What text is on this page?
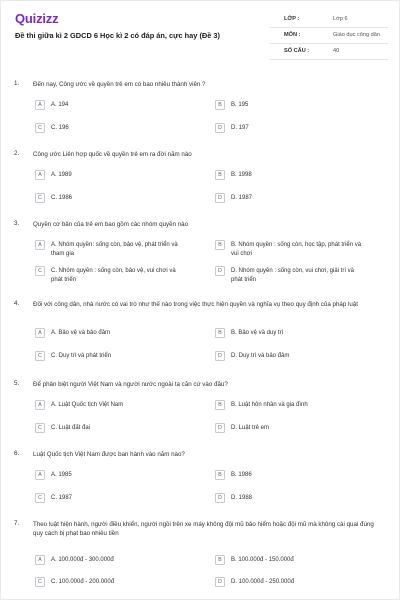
Quizizz
Đề thi giữa kì 2 GDCD 6 Học kì 2 có đáp án, cực hay (Đề 3)
LỚP :	Lớp 6
MÔN :	Giáo dục công dân
SỐ CÂU :	40
1. Đến nay, Công ước về quyền trẻ em có bao nhiêu thành viên ?
A	A. 194	B	B. 195
C	C. 196	D	D. 197
2. Công ước Liên hợp quốc về quyền trẻ em ra đời năm nào
A	A. 1989	B	B. 1998
C	C. 1986	D	D. 1987
3. Quyền cơ bản của trẻ em bao gồm các nhóm quyền nào
A	A. Nhóm quyền: sống còn, bảo vệ, phát triển và tham gia
B	B. Nhóm quyền : sống còn, học tập, phát triển và vui chơi
C	C. Nhóm quyền : sống còn, bảo vệ, vui chơi và phát triển
D	D. Nhóm quyền : sống còn, vui chơi, giải trí và phát triển
4. Đối với công dân, nhà nước có vai trò như thế nào trong việc thực hiện quyền và nghĩa vụ theo quy định của pháp luật
A	A. Bảo vệ và bảo đảm	B	B. Bảo vệ và duy trì
C	C. Duy trì và phát triển	D	D. Duy trì và bảo đảm
5. Để phân biệt người Việt Nam và người nước ngoài ta căn cứ vào đâu?
A	A. Luật Quốc tịch Việt Nam	B	B. Luật hôn nhân và gia đình
C	C. Luật đất đai	D	D. Luật trẻ em
6. Luật Quốc tịch Việt Nam được ban hành vào năm nào?
A	A. 1985	B	B. 1986
C	C. 1987	D	D. 1988
7. Theo luật hiện hành, người điều khiển, người ngồi trên xe máy không đội mũ bảo hiểm hoặc đội mũ mà không cài quai đúng quy cách bị phạt bao nhiêu tiền
A	A. 100.000đ - 300.000đ	B	B. 100.000đ - 150.000đ
C	C. 100.000đ - 200.000đ	D	D. 100.000đ - 250.000đ
